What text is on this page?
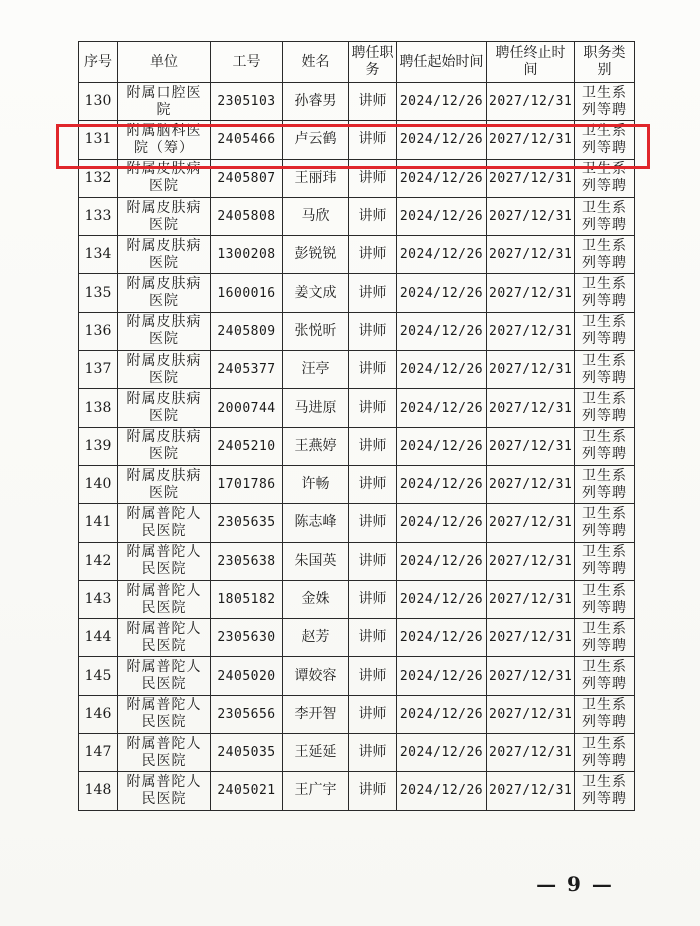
序号	单位	工号	姓名	聘任职务	聘任起始时间	聘任终止时间	职务类别
130	附属口腔医院	2305103	孙睿男	讲师	2024/12/26	2027/12/31	卫生系列等聘
131	附属脑科医院（筹）	2405466	卢云鹤	讲师	2024/12/26	2027/12/31	卫生系列等聘
132	附属皮肤病医院	2405807	王丽玮	讲师	2024/12/26	2027/12/31	卫生系列等聘
133	附属皮肤病医院	2405808	马欣	讲师	2024/12/26	2027/12/31	卫生系列等聘
134	附属皮肤病医院	1300208	彭锐锐	讲师	2024/12/26	2027/12/31	卫生系列等聘
135	附属皮肤病医院	1600016	姜文成	讲师	2024/12/26	2027/12/31	卫生系列等聘
136	附属皮肤病医院	2405809	张悦昕	讲师	2024/12/26	2027/12/31	卫生系列等聘
137	附属皮肤病医院	2405377	汪亭	讲师	2024/12/26	2027/12/31	卫生系列等聘
138	附属皮肤病医院	2000744	马进原	讲师	2024/12/26	2027/12/31	卫生系列等聘
139	附属皮肤病医院	2405210	王燕婷	讲师	2024/12/26	2027/12/31	卫生系列等聘
140	附属皮肤病医院	1701786	许畅	讲师	2024/12/26	2027/12/31	卫生系列等聘
141	附属普陀人民医院	2305635	陈志峰	讲师	2024/12/26	2027/12/31	卫生系列等聘
142	附属普陀人民医院	2305638	朱国英	讲师	2024/12/26	2027/12/31	卫生系列等聘
143	附属普陀人民医院	1805182	金姝	讲师	2024/12/26	2027/12/31	卫生系列等聘
144	附属普陀人民医院	2305630	赵芳	讲师	2024/12/26	2027/12/31	卫生系列等聘
145	附属普陀人民医院	2405020	谭姣容	讲师	2024/12/26	2027/12/31	卫生系列等聘
146	附属普陀人民医院	2305656	李开智	讲师	2024/12/26	2027/12/31	卫生系列等聘
147	附属普陀人民医院	2405035	王延延	讲师	2024/12/26	2027/12/31	卫生系列等聘
148	附属普陀人民医院	2405021	王广宇	讲师	2024/12/26	2027/12/31	卫生系列等聘
— 9 —
